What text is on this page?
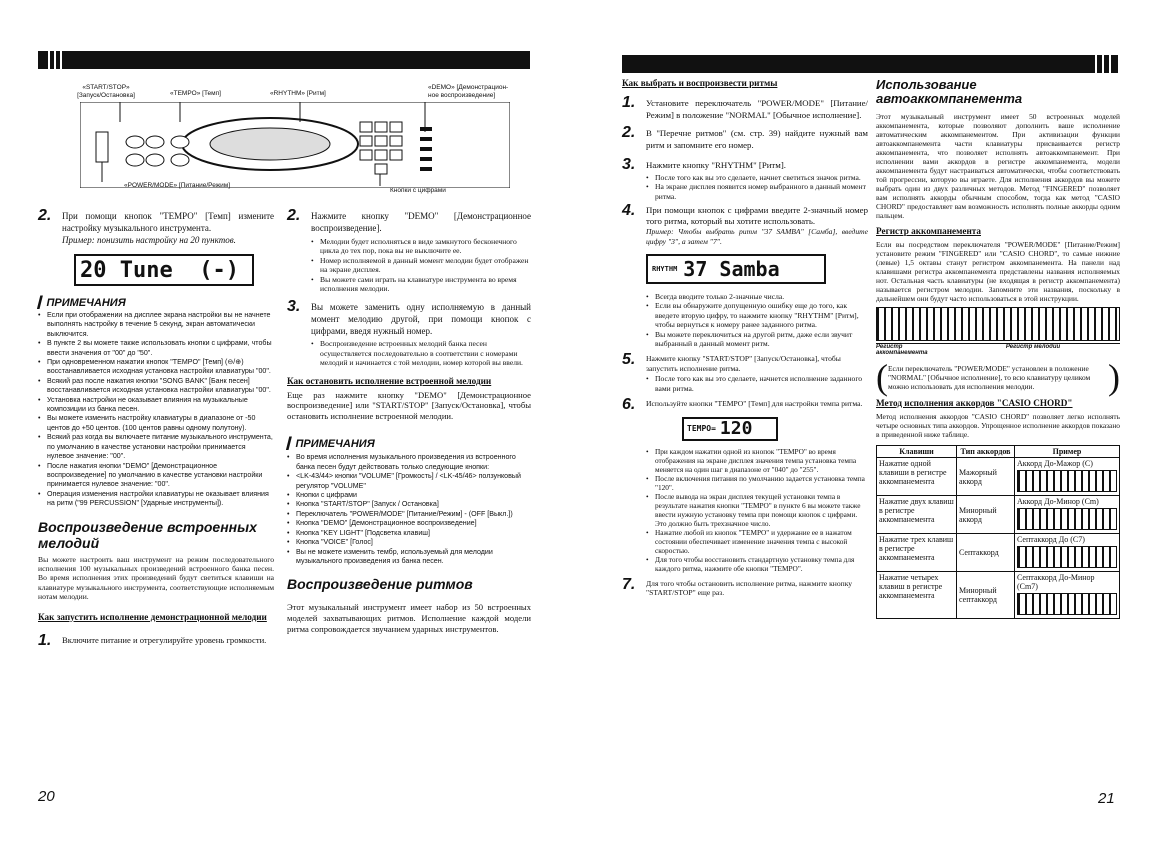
«START/STOP»
[Запуск/Остановка]	«TEMPO» [Темп]	«RHYTHM» [Ритм]
«DEMO» [Демонстрацион-
ное воспроизведение]
«POWER/MODE» [Питание/Режим]
Кнопки с цифрами
2. При помощи кнопок "TEMPO" [Темп] измените настройку музыкального инструмента.
Пример: понизить настройку на 20 пунктов.
20 Tune  (-)
▎ПРИМЕЧАНИЯ
• Если при отображении на дисплее экрана настройки вы не начнете выполнять настройку в течение 5 секунд, экран автоматически выключится.
• В пункте 2 вы можете также использовать кнопки с цифрами, чтобы ввести значения от "00" до "50".
• При одновременном нажатии кнопок "TEMPO" [Темп] (⊖/⊕) восстанавливается исходная установка настройки клавиатуры "00".
• Всякий раз после нажатия кнопки "SONG BANK" [Банк песен] восстанавливается исходная установка настройки клавиатуры "00".
• Установка настройки не оказывает влияния на музыкальные композиции из банка песен.
• Вы можете изменить настройку клавиатуры в диапазоне от -50 центов до +50 центов. (100 центов равны одному полутону).
• Всякий раз когда вы включаете питание музыкального инструмента, по умолчанию в качестве установки настройки принимается нулевое значение: "00".
• После нажатия кнопки "DEMO" [Демонстрационное воспроизведение] по умолчанию в качестве установки настройки принимается нулевое значение: "00".
• Операция изменения настройки клавиатуры не оказывает влияния на ритм ("99 PERCUSSION" [Ударные инструменты]).
Воспроизведение встроенных мелодий
Вы можете настроить ваш инструмент на режим последовательного исполнения 100 музыкальных произведений встроенного банка песен. Во время исполнения этих произведений будут светиться клавиши на клавиатуре музыкального инструмента, соответствующие исполняемым нотам мелодии.
Как запустить исполнение демонстрационной мелодии
1. Включите питание и отрегулируйте уровень громкости.
20
2. Нажмите кнопку "DEMO" [Демонстрационное воспроизведение].
• Мелодии будет исполняться в виде замкнутого бесконечного цикла до тех пор, пока вы не выключите ее.
• Номер исполняемой в данный момент мелодии будет отображен на экране дисплея.
• Вы можете сами играть на клавиатуре инструмента во время исполнения мелодии.
3. Вы можете заменить одну исполняемую в данный момент мелодию другой, при помощи кнопок с цифрами, введя нужный номер.
• Воспроизведение встроенных мелодий банка песен осуществляется последовательно в соответствии с номерами мелодий и начинается с той мелодии, номер которой вы ввели.
Как остановить исполнение встроенной мелодии
Еще раз нажмите кнопку "DEMO" [Демонстрационное воспроизведение] или "START/STOP" [Запуск/Остановка], чтобы остановить исполнение встроенной мелодии.
▎ПРИМЕЧАНИЯ
• Во время исполнения музыкального произведения из встроенного банка песен будут действовать только следующие кнопки:
• <LK-43/44> кнопки "VOLUME" [Громкость] / <LK-45/46> ползунковый регулятор "VOLUME"
• Кнопки с цифрами
• Кнопка "START/STOP" [Запуск / Остановка]
• Переключатель "POWER/MODE" [Питание/Режим] - (OFF [Выкл.])
• Кнопка "DEMO" [Демонстрационное воспроизведение]
• Кнопка "KEY LIGHT" [Подсветка клавиш]
• Кнопка "VOICE" [Голос]
• Вы не можете изменить тембр, используемый для мелодии музыкального произведения из банка песен.
Воспроизведение ритмов
Этот музыкальный инструмент имеет набор из 50 встроенных моделей захватывающих ритмов. Исполнение каждой модели ритма сопровождается звучанием ударных инструментов.
Как выбрать и воспроизвести ритмы
1. Установите переключатель "POWER/MODE" [Питание/Режим] в положение "NORMAL" [Обычное исполнение].
2. В "Перечне ритмов" (см. стр. 39) найдите нужный вам ритм и запомните его номер.
3. Нажмите кнопку "RHYTHM" [Ритм].
• После того как вы это сделаете, начнет светиться значок ритма.
• На экране дисплея появится номер выбранного в данный момент ритма.
4. При помощи кнопок с цифрами введите 2-значный номер того ритма, который вы хотите использовать.
Пример: Чтобы выбрать ритм "37 SAMBA" [Самба], введите цифру "3", а затем "7".
RHYTHM 37 Samba
• Всегда вводите только 2-значные числа.
• Если вы обнаружите допущенную ошибку еще до того, как введете вторую цифру, то нажмите кнопку "RHYTHM" [Ритм], чтобы вернуться к номеру ранее заданного ритма.
• Вы можете переключиться на другой ритм, даже если звучит выбранный в данный момент ритм.
5. Нажмите кнопку "START/STOP" [Запуск/Остановка], чтобы запустить исполнение ритма.
• После того как вы это сделаете, начнется исполнение заданного вами ритма.
6. Используйте кнопки "TEMPO" [Темп] для настройки темпа ритма.
TEMPO= 120
• При каждом нажатии одной из кнопок "TEMPO" во время отображения на экране дисплея значения темпа установка темпа меняется на один шаг в диапазоне от "040" до "255".
• После включения питания по умолчанию задается установка темпа "120".
• После вывода на экран дисплея текущей установки темпа в результате нажатия кнопки "TEMPO" в пункте 6 вы можете также ввести нужную установку темпа при помощи кнопок с цифрами. Это должно быть трехзначное число.
• Нажатие любой из кнопок "TEMPO" и удержание ее в нажатом состоянии обеспечивает изменение значения темпа с высокой скоростью.
• Для того чтобы восстановить стандартную установку темпа для каждого ритма, нажмите обе кнопки "TEMPO".
7. Для того чтобы остановить исполнение ритма, нажмите кнопку "START/STOP" еще раз.
Использование автоаккомпанемента
Этот музыкальный инструмент имеет 50 встроенных моделей аккомпанемента, которые позволяют дополнить ваше исполнение автоматическим аккомпанементом. При активизации функции автоаккомпанемента части клавиатуры присваивается регистр аккомпанемента, что позволяет исполнять автоаккомпанемент. При исполнении вами аккордов в регистре аккомпанемента, модели аккомпанемента будут настраиваться автоматически, чтобы соответствовать той прогрессии, которую вы играете. Для исполнения аккордов вы можете выбрать один из двух различных методов. Метод "FINGERED" позволяет вам исполнять аккорды обычным способом, тогда как метод "CASIO CHORD" предоставляет вам возможность исполнять полные аккорды одним пальцем.
Регистр аккомпанемента
Если вы посредством переключателя "POWER/MODE" [Питание/Режим] установите режим "FINGERED" или "CASIO CHORD", то самые нижние (левые) 1,5 октавы станут регистром аккомпанемента. На панели над клавишами регистра аккомпанемента представлены названия исполняемых нот. Остальная часть клавиатуры (не входящая в регистр аккомпанемента) называется регистром мелодии. Запомните эти названия, поскольку в дальнейшем они будут часто использоваться в этой инструкции.
Регистр аккомпанемента
Регистр мелодии
( Если переключатель "POWER/MODE" установлен в положение "NORMAL" [Обычное исполнение], то всю клавиатуру целиком можно использовать для исполнения мелодии.	)
Метод исполнения аккордов "CASIO CHORD"
Метод исполнения аккордов "CASIO CHORD" позволяет легко исполнять четыре основных типа аккордов. Упрощенное исполнение аккордов показано в приведенной ниже таблице.
Клавиши	Тип аккордов	Пример
Нажатие одной клавиши в регистре аккомпанемента	Мажорный аккорд	Аккорд До-Мажор (C)

Нажатие двух клавиш в регистре аккомпанемента	Минорный аккорд	Аккорд До-Минор (Cm)

Нажатие трех клавиш в регистре аккомпанемента	Септаккорд	Септаккорд До (C7)

Нажатие четырех клавиш в регистре аккомпанемента	Минорный септаккорд	Септаккорд До-Минор (Cm7)
21
